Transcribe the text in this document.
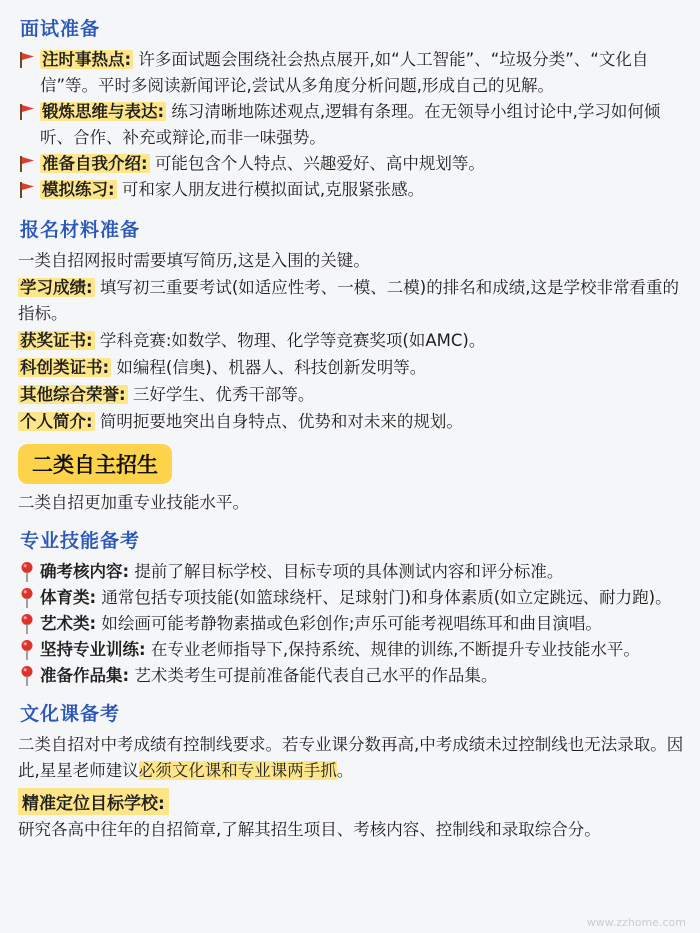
面试准备
注时事热点: 许多面试题会围绕社会热点展开,如“人工智能”、“垃圾分类”、“文化自信”等。平时多阅读新闻评论,尝试从多角度分析问题,形成自己的见解。
锻炼思维与表达: 练习清晰地陈述观点,逻辑有条理。在无领导小组讨论中,学习如何倾听、合作、补充或辩论,而非一味强势。
准备自我介绍: 可能包含个人特点、兴趣爱好、高中规划等。
模拟练习: 可和家人朋友进行模拟面试,克服紧张感。
报名材料准备

一类自招网报时需要填写简历,这是入围的关键。

学习成绩: 填写初三重要考试(如适应性考、一模、二模)的排名和成绩,这是学校非常看重的指标。
获奖证书: 学科竞赛:如数学、物理、化学等竞赛奖项(如AMC)。
科创类证书: 如编程(信奥)、机器人、科技创新发明等。
其他综合荣誉: 三好学生、优秀干部等。
个人简介: 简明扼要地突出自身特点、优势和对未来的规划。
二类自主招生

二类自招更加重专业技能水平。

专业技能备考
确考核内容: 提前了解目标学校、目标专项的具体测试内容和评分标准。
体育类: 通常包括专项技能(如篮球绕杆、足球射门)和身体素质(如立定跳远、耐力跑)。
艺术类: 如绘画可能考静物素描或色彩创作;声乐可能考视唱练耳和曲目演唱。
坚持专业训练: 在专业老师指导下,保持系统、规律的训练,不断提升专业技能水平。
准备作品集: 艺术类考生可提前准备能代表自己水平的作品集。
文化课备考

二类自招对中考成绩有控制线要求。若专业课分数再高,中考成绩未过控制线也无法录取。因此,星星老师建议必须文化课和专业课两手抓。

精准定位目标学校:

研究各高中往年的自招简章,了解其招生项目、考核内容、控制线和录取综合分。

www.zzhome.com
